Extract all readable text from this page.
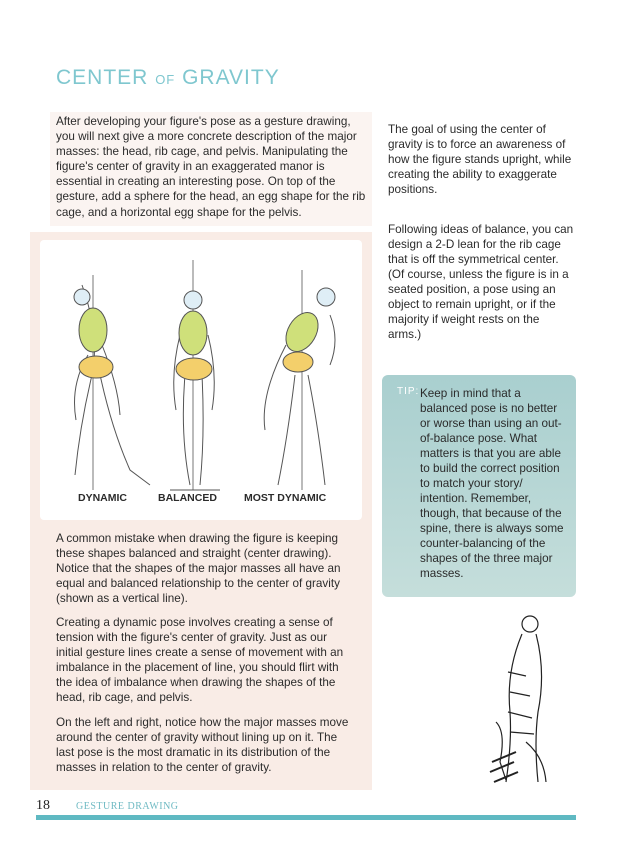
CENTER OF GRAVITY

After developing your figure's pose as a gesture drawing, you will next give a more concrete description of the major masses: the head, rib cage, and pelvis. Manipulating the figure's center of gravity in an exaggerated manor is essential in creating an interesting pose. On top of the gesture, add a sphere for the head, an egg shape for the rib cage, and a horizontal egg shape for the pelvis.

DYNAMIC	BALANCED	MOST DYNAMIC

A common mistake when drawing the figure is keeping these shapes balanced and straight (center drawing). Notice that the shapes of the major masses all have an equal and balanced relationship to the center of gravity (shown as a vertical line).

Creating a dynamic pose involves creating a sense of tension with the figure's center of gravity. Just as our initial gesture lines create a sense of movement with an imbalance in the placement of line, you should flirt with the idea of imbalance when drawing the shapes of the head, rib cage, and pelvis.

On the left and right, notice how the major masses move around the center of gravity without lining up on it. The last pose is the most dramatic in its distribution of the masses in relation to the center of gravity.

The goal of using the center of gravity is to force an awareness of how the figure stands upright, while creating the ability to exaggerate positions.

Following ideas of balance, you can design a 2-D lean for the rib cage that is off the symmetrical center. (Of course, unless the figure is in a seated position, a pose using an object to remain upright, or if the majority if weight rests on the arms.)

TIP: Keep in mind that a balanced pose is no better or worse than using an out-of-balance pose. What matters is that you are able to build the correct position to match your story/ intention. Remember, though, that because of the spine, there is always some counter-balancing of the shapes of the three major masses.

18	GESTURE DRAWING
